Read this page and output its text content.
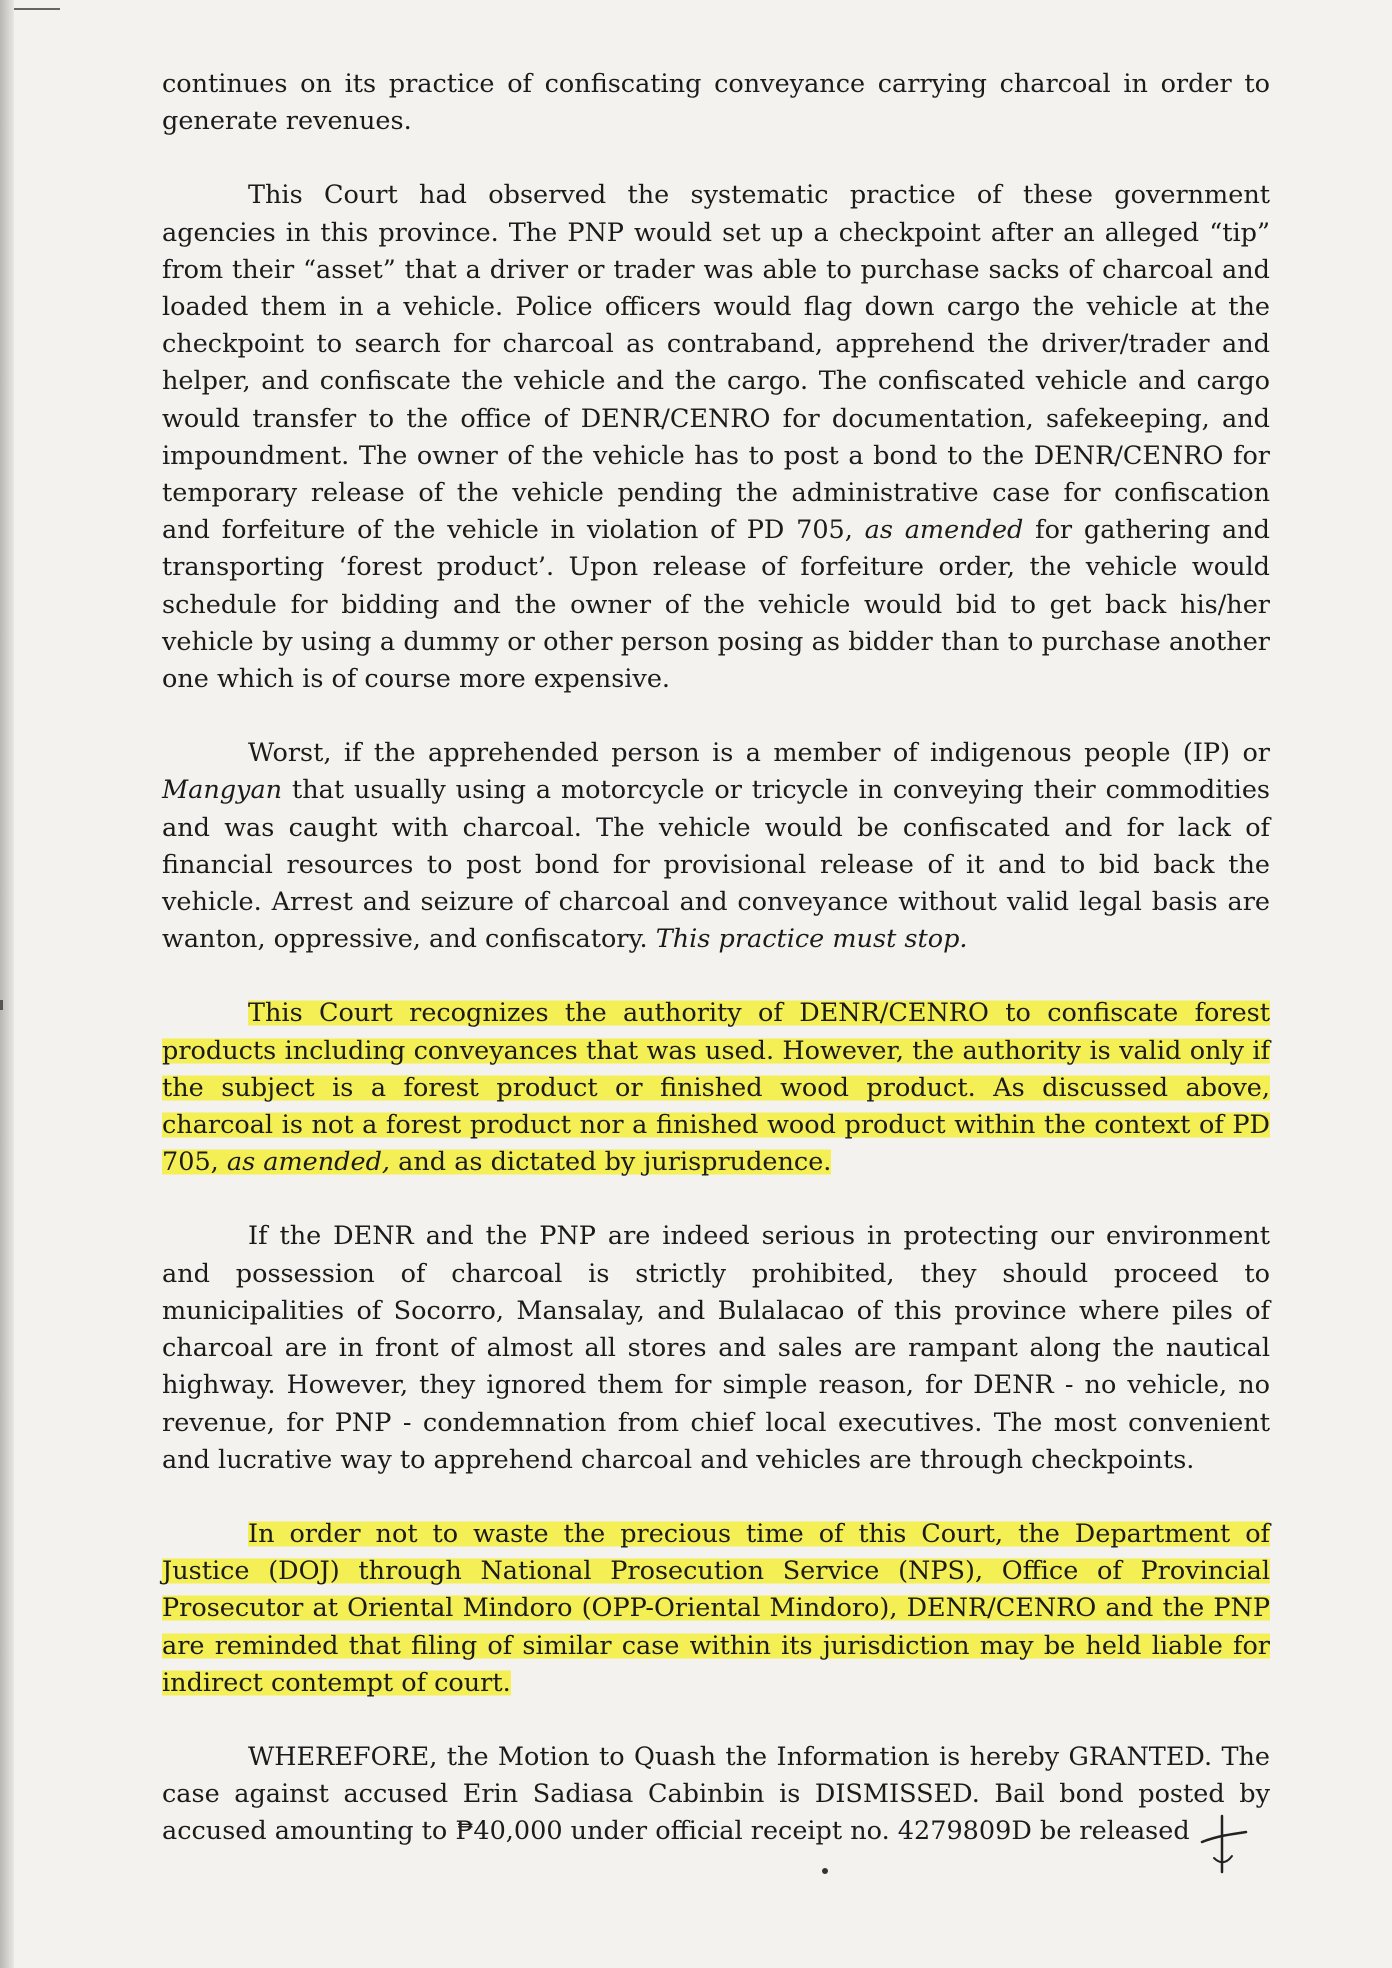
continues on its practice of confiscating conveyance carrying charcoal in order to generate revenues.

This Court had observed the systematic practice of these government agencies in this province. The PNP would set up a checkpoint after an alleged “tip” from their “asset” that a driver or trader was able to purchase sacks of charcoal and loaded them in a vehicle. Police officers would flag down cargo the vehicle at the checkpoint to search for charcoal as contraband, apprehend the driver/trader and helper, and confiscate the vehicle and the cargo. The confiscated vehicle and cargo would transfer to the office of DENR/CENRO for documentation, safekeeping, and impoundment. The owner of the vehicle has to post a bond to the DENR/CENRO for temporary release of the vehicle pending the administrative case for confiscation and forfeiture of the vehicle in violation of PD 705, as amended for gathering and transporting ‘forest product’. Upon release of forfeiture order, the vehicle would schedule for bidding and the owner of the vehicle would bid to get back his/her vehicle by using a dummy or other person posing as bidder than to purchase another one which is of course more expensive.

Worst, if the apprehended person is a member of indigenous people (IP) or Mangyan that usually using a motorcycle or tricycle in conveying their commodities and was caught with charcoal. The vehicle would be confiscated and for lack of financial resources to post bond for provisional release of it and to bid back the vehicle. Arrest and seizure of charcoal and conveyance without valid legal basis are wanton, oppressive, and confiscatory. This practice must stop.

This Court recognizes the authority of DENR/CENRO to confiscate forest products including conveyances that was used. However, the authority is valid only if the subject is a forest product or finished wood product. As discussed above, charcoal is not a forest product nor a finished wood product within the context of PD 705, as amended, and as dictated by jurisprudence.

If the DENR and the PNP are indeed serious in protecting our environment and possession of charcoal is strictly prohibited, they should proceed to municipalities of Socorro, Mansalay, and Bulalacao of this province where piles of charcoal are in front of almost all stores and sales are rampant along the nautical highway. However, they ignored them for simple reason, for DENR - no vehicle, no revenue, for PNP - condemnation from chief local executives. The most convenient and lucrative way to apprehend charcoal and vehicles are through checkpoints.

In order not to waste the precious time of this Court, the Department of Justice (DOJ) through National Prosecution Service (NPS), Office of Provincial Prosecutor at Oriental Mindoro (OPP-Oriental Mindoro), DENR/CENRO and the PNP are reminded that filing of similar case within its jurisdiction may be held liable for indirect contempt of court.

WHEREFORE, the Motion to Quash the Information is hereby GRANTED. The case against accused Erin Sadiasa Cabinbin is DISMISSED. Bail bond posted by accused amounting to ₱40,000 under official receipt no. 4279809D be released
